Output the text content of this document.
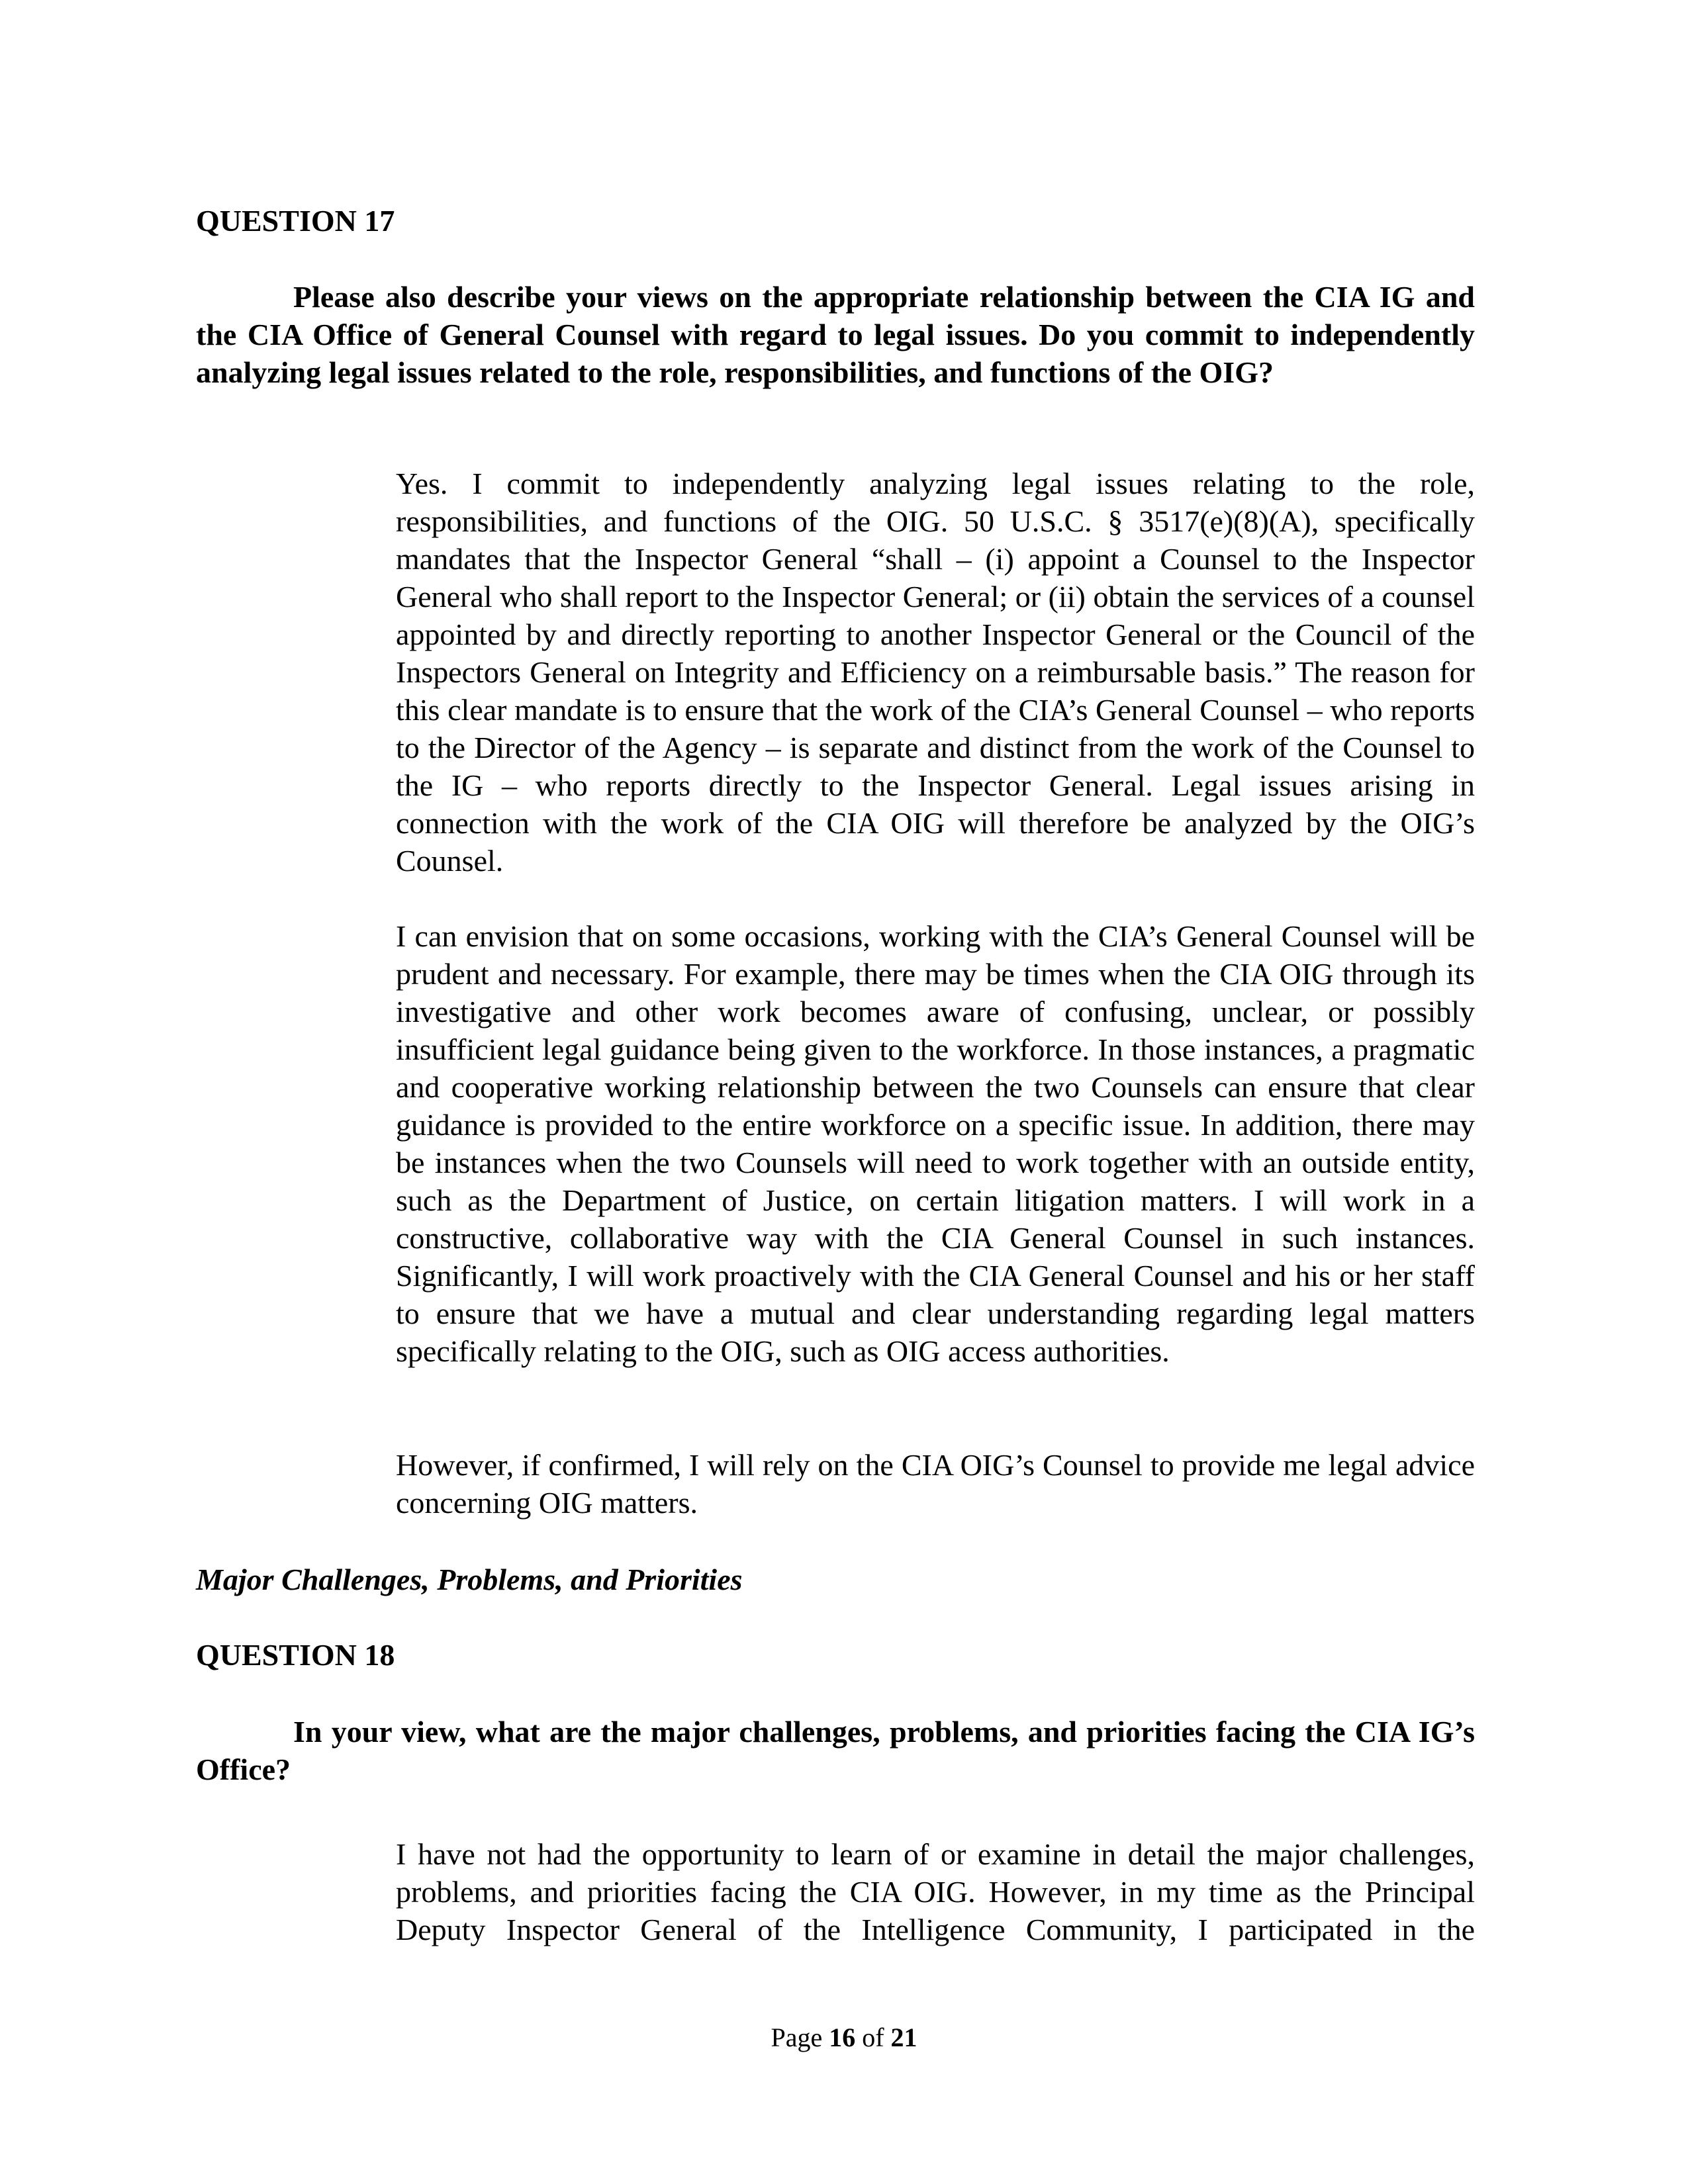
QUESTION 17

Please also describe your views on the appropriate relationship between the CIA IG and the CIA Office of General Counsel with regard to legal issues. Do you commit to independently analyzing legal issues related to the role, responsibilities, and functions of the OIG?

Yes. I commit to independently analyzing legal issues relating to the role, responsibilities, and functions of the OIG. 50 U.S.C. § 3517(e)(8)(A), specifically mandates that the Inspector General “shall – (i) appoint a Counsel to the Inspector General who shall report to the Inspector General; or (ii) obtain the services of a counsel appointed by and directly reporting to another Inspector General or the Council of the Inspectors General on Integrity and Efficiency on a reimbursable basis.” The reason for this clear mandate is to ensure that the work of the CIA’s General Counsel – who reports to the Director of the Agency – is separate and distinct from the work of the Counsel to the IG – who reports directly to the Inspector General. Legal issues arising in connection with the work of the CIA OIG will therefore be analyzed by the OIG’s Counsel.

I can envision that on some occasions, working with the CIA’s General Counsel will be prudent and necessary. For example, there may be times when the CIA OIG through its investigative and other work becomes aware of confusing, unclear, or possibly insufficient legal guidance being given to the workforce. In those instances, a pragmatic and cooperative working relationship between the two Counsels can ensure that clear guidance is provided to the entire workforce on a specific issue. In addition, there may be instances when the two Counsels will need to work together with an outside entity, such as the Department of Justice, on certain litigation matters. I will work in a constructive, collaborative way with the CIA General Counsel in such instances. Significantly, I will work proactively with the CIA General Counsel and his or her staff to ensure that we have a mutual and clear understanding regarding legal matters specifically relating to the OIG, such as OIG access authorities.

However, if confirmed, I will rely on the CIA OIG’s Counsel to provide me legal advice concerning OIG matters.

Major Challenges, Problems, and Priorities
QUESTION 18

In your view, what are the major challenges, problems, and priorities facing the CIA IG’s Office?

I have not had the opportunity to learn of or examine in detail the major challenges, problems, and priorities facing the CIA OIG. However, in my time as the Principal Deputy Inspector General of the Intelligence Community, I participated in the

Page 16 of 21
